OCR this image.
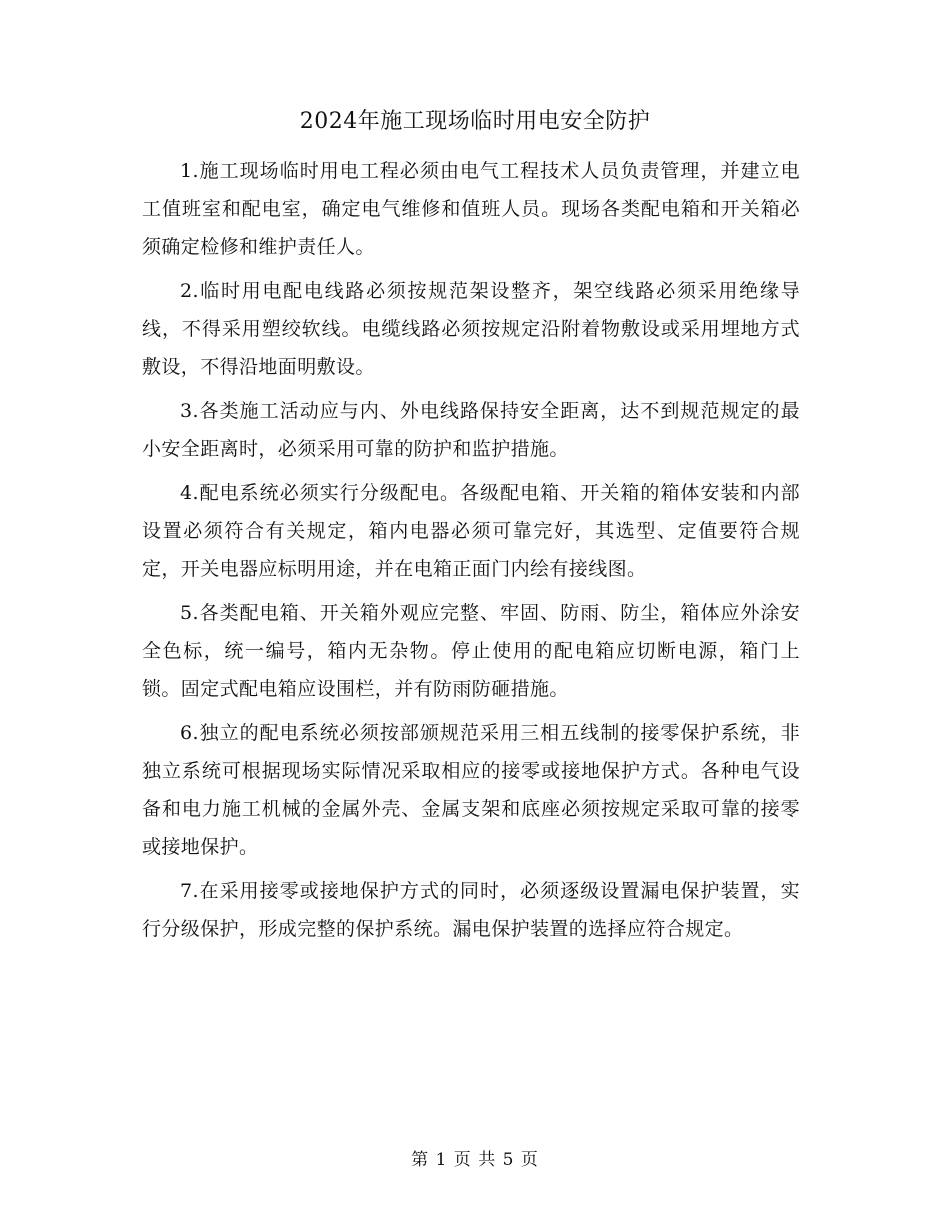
2024年施工现场临时用电安全防护

1.施工现场临时用电工程必须由电气工程技术人员负责管理，并建立电工值班室和配电室，确定电气维修和值班人员。现场各类配电箱和开关箱必须确定检修和维护责任人。

2.临时用电配电线路必须按规范架设整齐，架空线路必须采用绝缘导线，不得采用塑绞软线。电缆线路必须按规定沿附着物敷设或采用埋地方式敷设，不得沿地面明敷设。

3.各类施工活动应与内、外电线路保持安全距离，达不到规范规定的最小安全距离时，必须采用可靠的防护和监护措施。

4.配电系统必须实行分级配电。各级配电箱、开关箱的箱体安装和内部设置必须符合有关规定，箱内电器必须可靠完好，其选型、定值要符合规定，开关电器应标明用途，并在电箱正面门内绘有接线图。

5.各类配电箱、开关箱外观应完整、牢固、防雨、防尘，箱体应外涂安全色标，统一编号，箱内无杂物。停止使用的配电箱应切断电源，箱门上锁。固定式配电箱应设围栏，并有防雨防砸措施。

6.独立的配电系统必须按部颁规范采用三相五线制的接零保护系统，非独立系统可根据现场实际情况采取相应的接零或接地保护方式。各种电气设备和电力施工机械的金属外壳、金属支架和底座必须按规定采取可靠的接零或接地保护。

7.在采用接零或接地保护方式的同时，必须逐级设置漏电保护装置，实行分级保护，形成完整的保护系统。漏电保护装置的选择应符合规定。

第 1 页 共 5 页
